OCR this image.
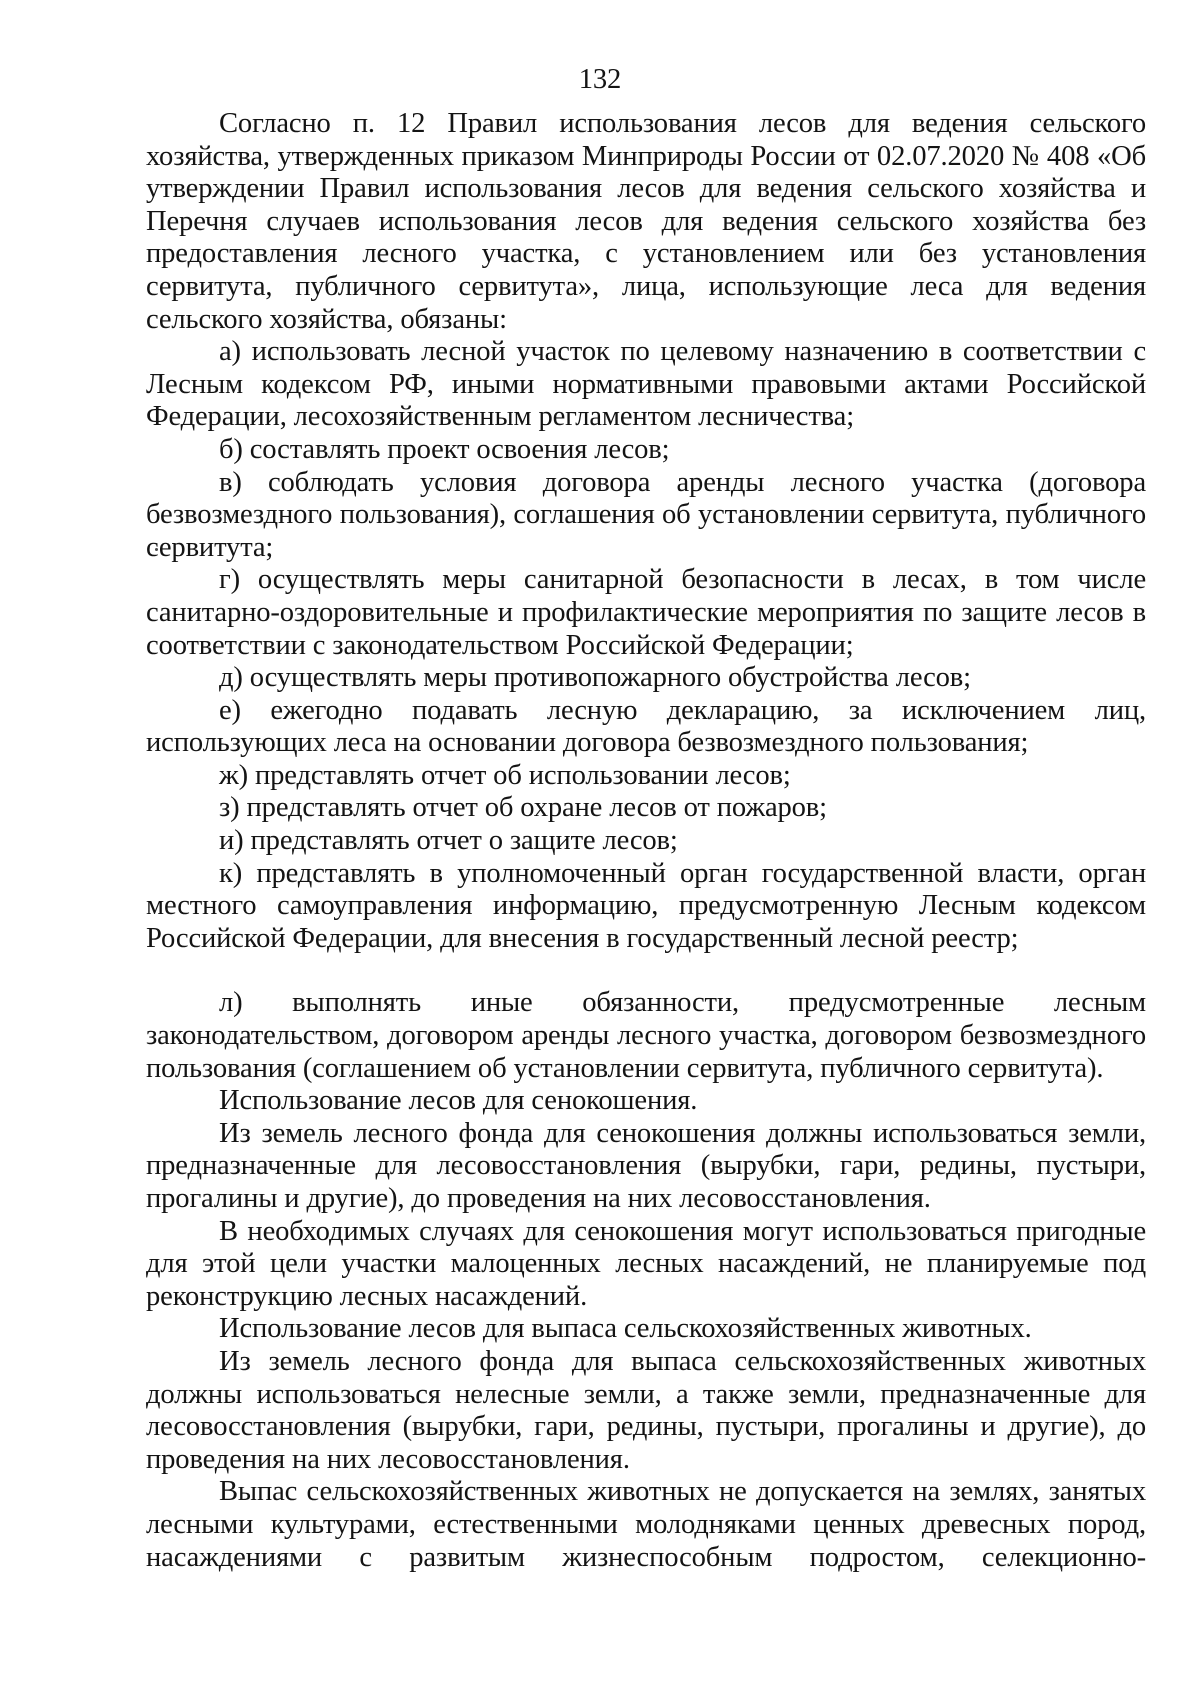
132

Согласно п. 12 Правил использования лесов для ведения сельского хозяйства, утвержденных приказом Минприроды России от 02.07.2020 № 408 «Об утверждении Правил использования лесов для ведения сельского хозяйства и Перечня случаев использования лесов для ведения сельского хозяйства без предоставления лесного участка, с установлением или без установления сервитута, публичного сервитута», лица, использующие леса для ведения сельского хозяйства, обязаны:

а) использовать лесной участок по целевому назначению в соответствии с Лесным кодексом РФ, иными нормативными правовыми актами Российской Федерации, лесохозяйственным регламентом лесничества;

б) составлять проект освоения лесов;

в) соблюдать условия договора аренды лесного участка (договора безвозмездного пользования), соглашения об установлении сервитута, публичного сервитута;

г) осуществлять меры санитарной безопасности в лесах, в том числе санитарно-оздоровительные и профилактические мероприятия по защите лесов в соответствии с законодательством Российской Федерации;

д) осуществлять меры противопожарного обустройства лесов;

е) ежегодно подавать лесную декларацию, за исключением лиц, использующих леса на основании договора безвозмездного пользования;

ж) представлять отчет об использовании лесов;

з) представлять отчет об охране лесов от пожаров;

и) представлять отчет о защите лесов;

к) представлять в уполномоченный орган государственной власти, орган местного самоуправления информацию, предусмотренную Лесным кодексом Российской Федерации, для внесения в государственный лесной реестр;

л) выполнять иные обязанности, предусмотренные лесным законодательством, договором аренды лесного участка, договором безвозмездного пользования (соглашением об установлении сервитута, публичного сервитута).

Использование лесов для сенокошения.

Из земель лесного фонда для сенокошения должны использоваться земли, предназначенные для лесовосстановления (вырубки, гари, редины, пустыри, прогалины и другие), до проведения на них лесовосстановления.

В необходимых случаях для сенокошения могут использоваться пригодные для этой цели участки малоценных лесных насаждений, не планируемые под реконструкцию лесных насаждений.

Использование лесов для выпаса сельскохозяйственных животных.

Из земель лесного фонда для выпаса сельскохозяйственных животных должны использоваться нелесные земли, а также земли, предназначенные для лесовосстановления (вырубки, гари, редины, пустыри, прогалины и другие), до проведения на них лесовосстановления.

Выпас сельскохозяйственных животных не допускается на землях, занятых лесными культурами, естественными молодняками ценных древесных пород, насаждениями с развитым жизнеспособным подростом, селекционно-
